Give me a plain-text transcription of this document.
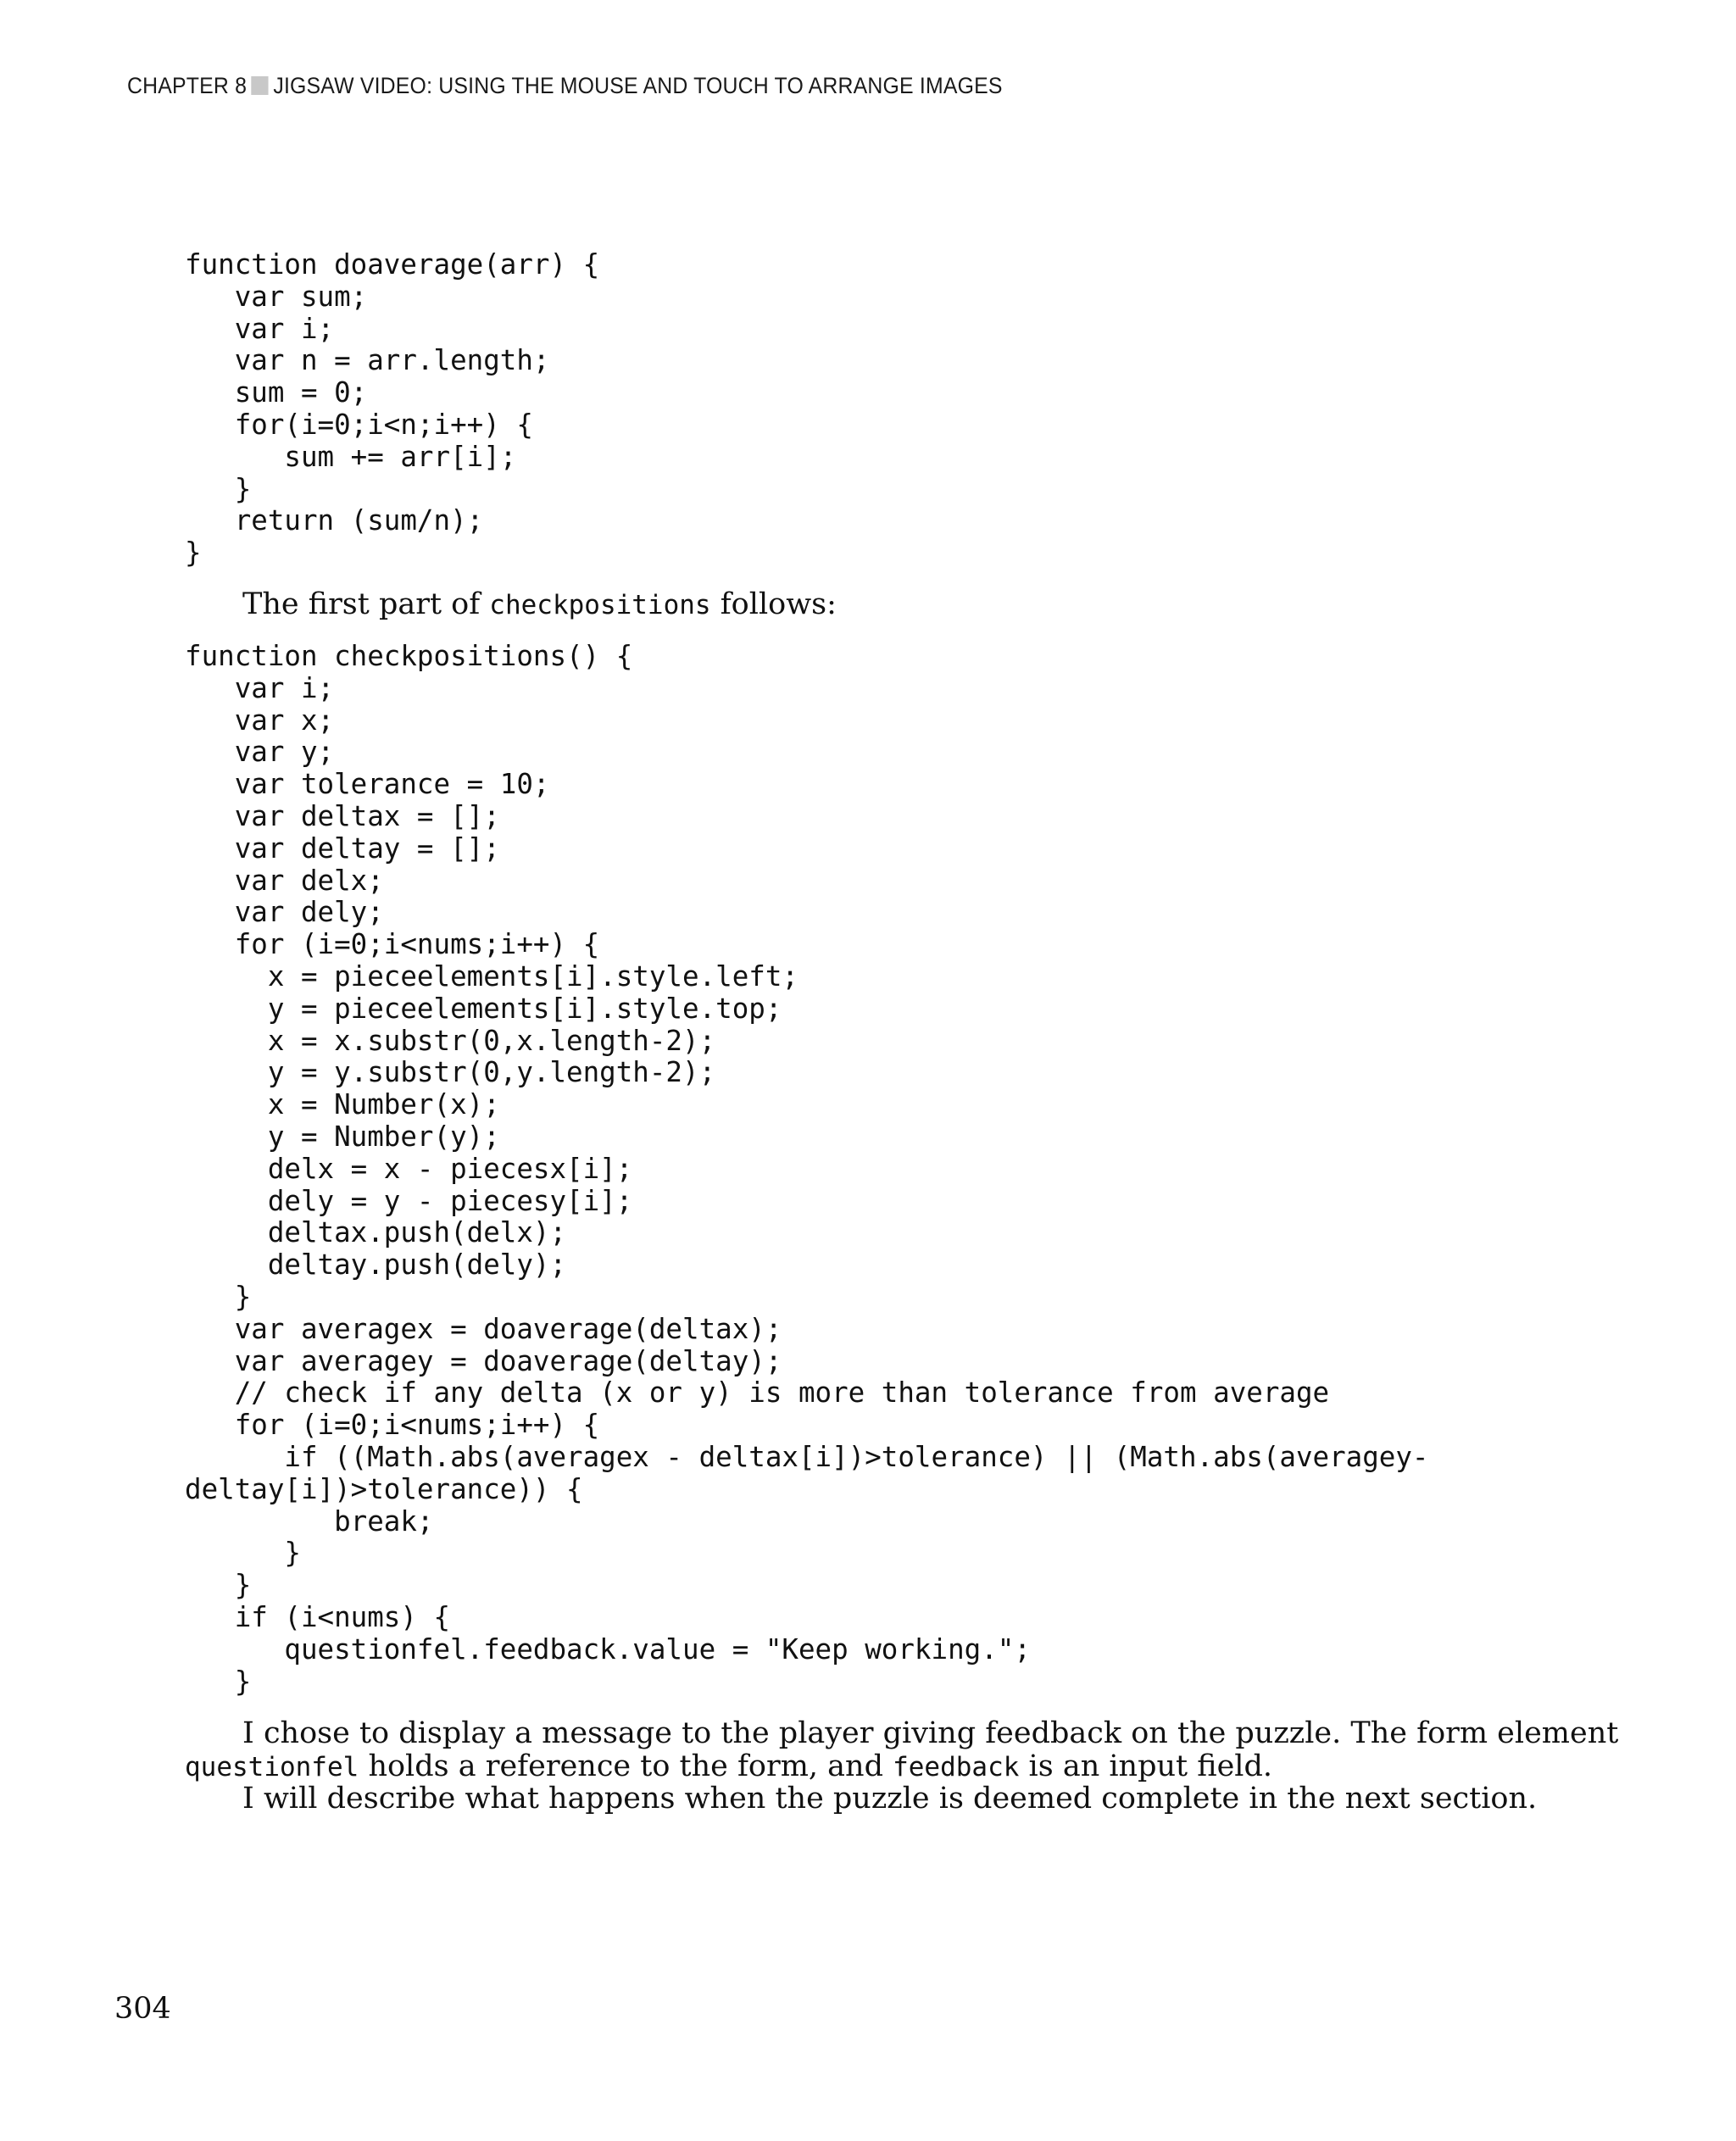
CHAPTER 8 JIGSAW VIDEO: USING THE MOUSE AND TOUCH TO ARRANGE IMAGES
function doaverage(arr) {
var sum;
var i;
var n = arr.length;
sum = 0;
for(i=0;i<n;i++) {
sum += arr[i];
}
return (sum/n);
}
The first part of checkpositions follows:
function checkpositions() {
var i;
var x;
var y;
var tolerance = 10;
var deltax = [];
var deltay = [];
var delx;
var dely;
for (i=0;i<nums;i++) {
x = pieceelements[i].style.left;
y = pieceelements[i].style.top;
x = x.substr(0,x.length-2);
y = y.substr(0,y.length-2);
x = Number(x);
y = Number(y);
delx = x - piecesx[i];
dely = y - piecesy[i];
deltax.push(delx);
deltay.push(dely);
}
var averagex = doaverage(deltax);
var averagey = doaverage(deltay);
// check if any delta (x or y) is more than tolerance from average
for (i=0;i<nums;i++) {
if ((Math.abs(averagex - deltax[i])>tolerance) || (Math.abs(averagey-
deltay[i])>tolerance)) {
break;
}
}
if (i<nums) {
questionfel.feedback.value = "Keep working.";
}
I chose to display a message to the player giving feedback on the puzzle. The form element
questionfel holds a reference to the form, and feedback is an input field.
I will describe what happens when the puzzle is deemed complete in the next section.
304
